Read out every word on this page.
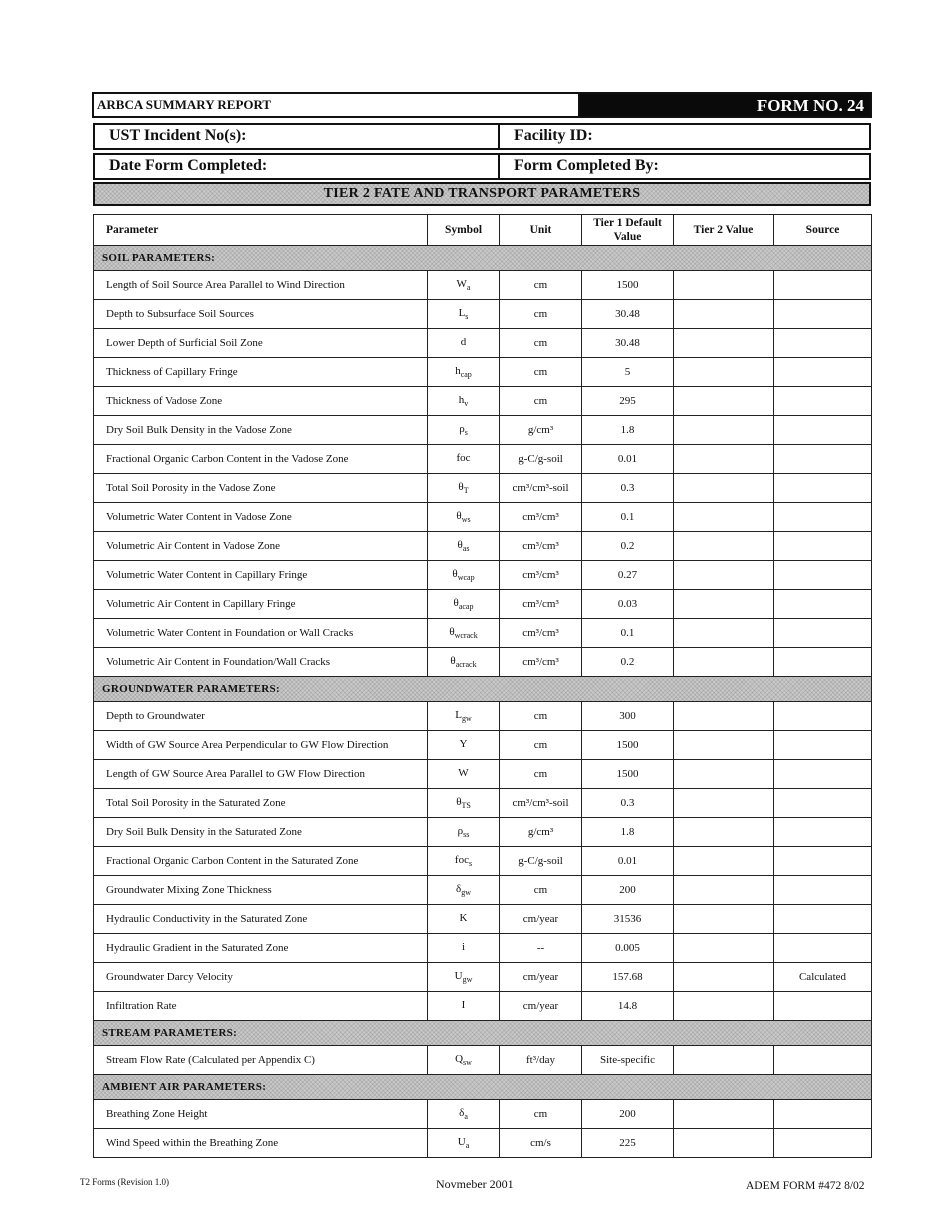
ARBCA SUMMARY REPORT	FORM NO. 24
UST Incident No(s):	Facility ID:
Date Form Completed:	Form Completed By:
TIER 2 FATE AND TRANSPORT PARAMETERS
Parameter	Symbol	Unit	Tier 1 Default Value	Tier 2 Value	Source
SOIL PARAMETERS:					
Length of Soil Source Area Parallel to Wind Direction	$W_a$	cm	1500		
Depth to Subsurface Soil Sources	$L_s$	cm	30.48		
Lower Depth of Surficial Soil Zone	d	cm	30.48		
Thickness of Capillary Fringe	$h_{cap}$	cm	5		
Thickness of Vadose Zone	$h_v$	cm	295		
Dry Soil Bulk Density in the Vadose Zone	$\rho_s$	g/cm³	1.8		
Fractional Organic Carbon Content in the Vadose Zone	foc	g-C/g-soil	0.01		
Total Soil Porosity in the Vadose Zone	$\theta_T$	cm³/cm³-soil	0.3		
Volumetric Water Content in Vadose Zone	$\theta_{ws}$	cm³/cm³	0.1		
Volumetric Air Content in Vadose Zone	$\theta_{as}$	cm³/cm³	0.2		
Volumetric Water Content in Capillary Fringe	$\theta_{wcap}$	cm³/cm³	0.27		
Volumetric Air Content in Capillary Fringe	$\theta_{acap}$	cm³/cm³	0.03		
Volumetric Water Content in Foundation or Wall Cracks	$\theta_{wcrack}$	cm³/cm³	0.1		
Volumetric Air Content in Foundation/Wall Cracks	$\theta_{acrack}$	cm³/cm³	0.2		
GROUNDWATER PARAMETERS:					
Depth to Groundwater	$L_{gw}$	cm	300		
Width of GW Source Area Perpendicular to GW Flow Direction	Y	cm	1500		
Length of GW Source Area Parallel to GW Flow Direction	W	cm	1500		
Total Soil Porosity in the Saturated Zone	$\theta_{TS}$	cm³/cm³-soil	0.3		
Dry Soil Bulk Density in the Saturated Zone	$\rho_{ss}$	g/cm³	1.8		
Fractional Organic Carbon Content in the Saturated Zone	foc$_s$	g-C/g-soil	0.01		
Groundwater Mixing Zone Thickness	$\delta_{gw}$	cm	200		
Hydraulic Conductivity in the Saturated Zone	K	cm/year	31536		
Hydraulic Gradient in the Saturated Zone	i	--	0.005		
Groundwater Darcy Velocity	$U_{gw}$	cm/year	157.68		Calculated
Infiltration Rate	I	cm/year	14.8		
STREAM PARAMETERS:					
Stream Flow Rate (Calculated per Appendix C)	$Q_{sw}$	ft³/day	Site-specific		
AMBIENT AIR PARAMETERS:					
Breathing Zone Height	$\delta_a$	cm	200		
Wind Speed within the Breathing Zone	$U_a$	cm/s	225		
T2 Forms (Revision 1.0)	Novmeber 2001	ADEM FORM #472 8/02
